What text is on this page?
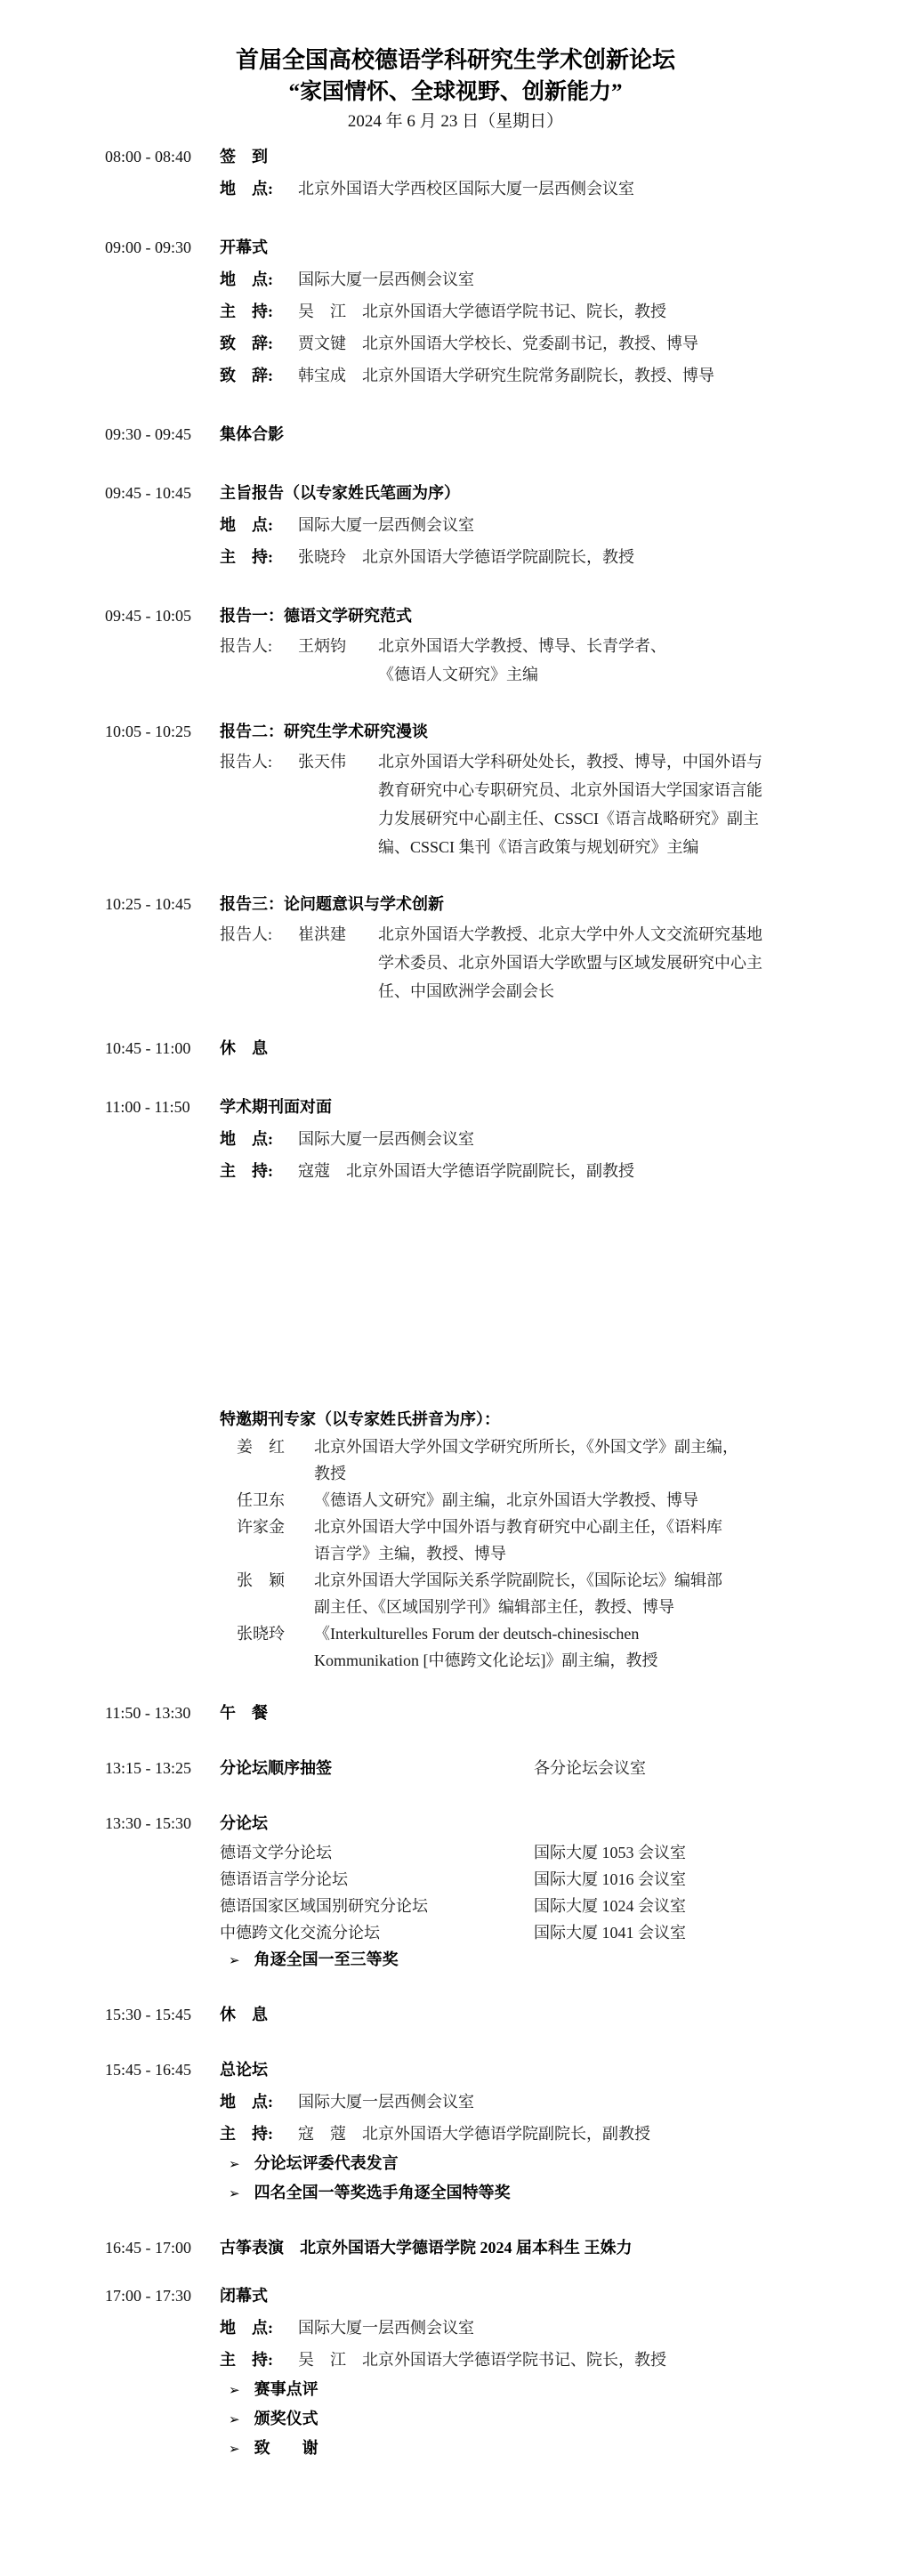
首届全国高校德语学科研究生学术创新论坛
“家国情怀、全球视野、创新能力”
2024 年 6 月 23 日（星期日）
08:00 - 08:40	签　到
地　点: 北京外国语大学西校区国际大厦一层西侧会议室
09:00 - 09:30	开幕式
地　点: 国际大厦一层西侧会议室
主　持: 吴　江　北京外国语大学德语学院书记、院长，教授
致　辞: 贾文键　北京外国语大学校长、党委副书记，教授、博导
致　辞: 韩宝成　北京外国语大学研究生院常务副院长，教授、博导
09:30 - 09:45	集体合影
09:45 - 10:45	主旨报告（以专家姓氏笔画为序）
地　点: 国际大厦一层西侧会议室
主　持: 张晓玲　北京外国语大学德语学院副院长，教授
09:45 - 10:05	报告一：德语文学研究范式
报告人:	王炳钧	北京外国语大学教授、博导、长青学者、
《德语人文研究》主编
10:05 - 10:25	报告二：研究生学术研究漫谈
报告人:	张天伟	北京外国语大学科研处处长，教授、博导，中国外语与
教育研究中心专职研究员、北京外国语大学国家语言能
力发展研究中心副主任、CSSCI《语言战略研究》副主
编、CSSCI 集刊《语言政策与规划研究》主编
10:25 - 10:45	报告三：论问题意识与学术创新
报告人:	崔洪建	北京外国语大学教授、北京大学中外人文交流研究基地
学术委员、北京外国语大学欧盟与区域发展研究中心主
任、中国欧洲学会副会长
10:45 - 11:00	休　息
11:00 - 11:50	学术期刊面对面
地　点: 国际大厦一层西侧会议室
主　持: 寇蔻　北京外国语大学德语学院副院长，副教授
特邀期刊专家（以专家姓氏拼音为序）：
姜　红	北京外国语大学外国文学研究所所长，《外国文学》副主编，
教授
任卫东	《德语人文研究》副主编，北京外国语大学教授、博导
许家金	北京外国语大学中国外语与教育研究中心副主任，《语料库
语言学》主编，教授、博导
张　颖	北京外国语大学国际关系学院副院长，《国际论坛》编辑部
副主任、《区域国别学刊》编辑部主任，教授、博导
张晓玲	《Interkulturelles Forum der deutsch-chinesischen
Kommunikation [中德跨文化论坛]》副主编，教授
11:50 - 13:30	午　餐
13:15 - 13:25	分论坛顺序抽签	各分论坛会议室
13:30 - 15:30	分论坛
德语文学分论坛	国际大厦 1053 会议室
德语语言学分论坛	国际大厦 1016 会议室
德语国家区域国别研究分论坛	国际大厦 1024 会议室
中德跨文化交流分论坛	国际大厦 1041 会议室
➢ 角逐全国一至三等奖
15:30 - 15:45	休　息
15:45 - 16:45	总论坛
地　点: 国际大厦一层西侧会议室
主　持: 寇　蔻　北京外国语大学德语学院副院长，副教授
➢ 分论坛评委代表发言
➢ 四名全国一等奖选手角逐全国特等奖
16:45 - 17:00	古筝表演　北京外国语大学德语学院 2024 届本科生 王姝力
17:00 - 17:30	闭幕式
地　点: 国际大厦一层西侧会议室
主　持: 吴　江　北京外国语大学德语学院书记、院长，教授
➢ 赛事点评
➢ 颁奖仪式
➢ 致　　谢
